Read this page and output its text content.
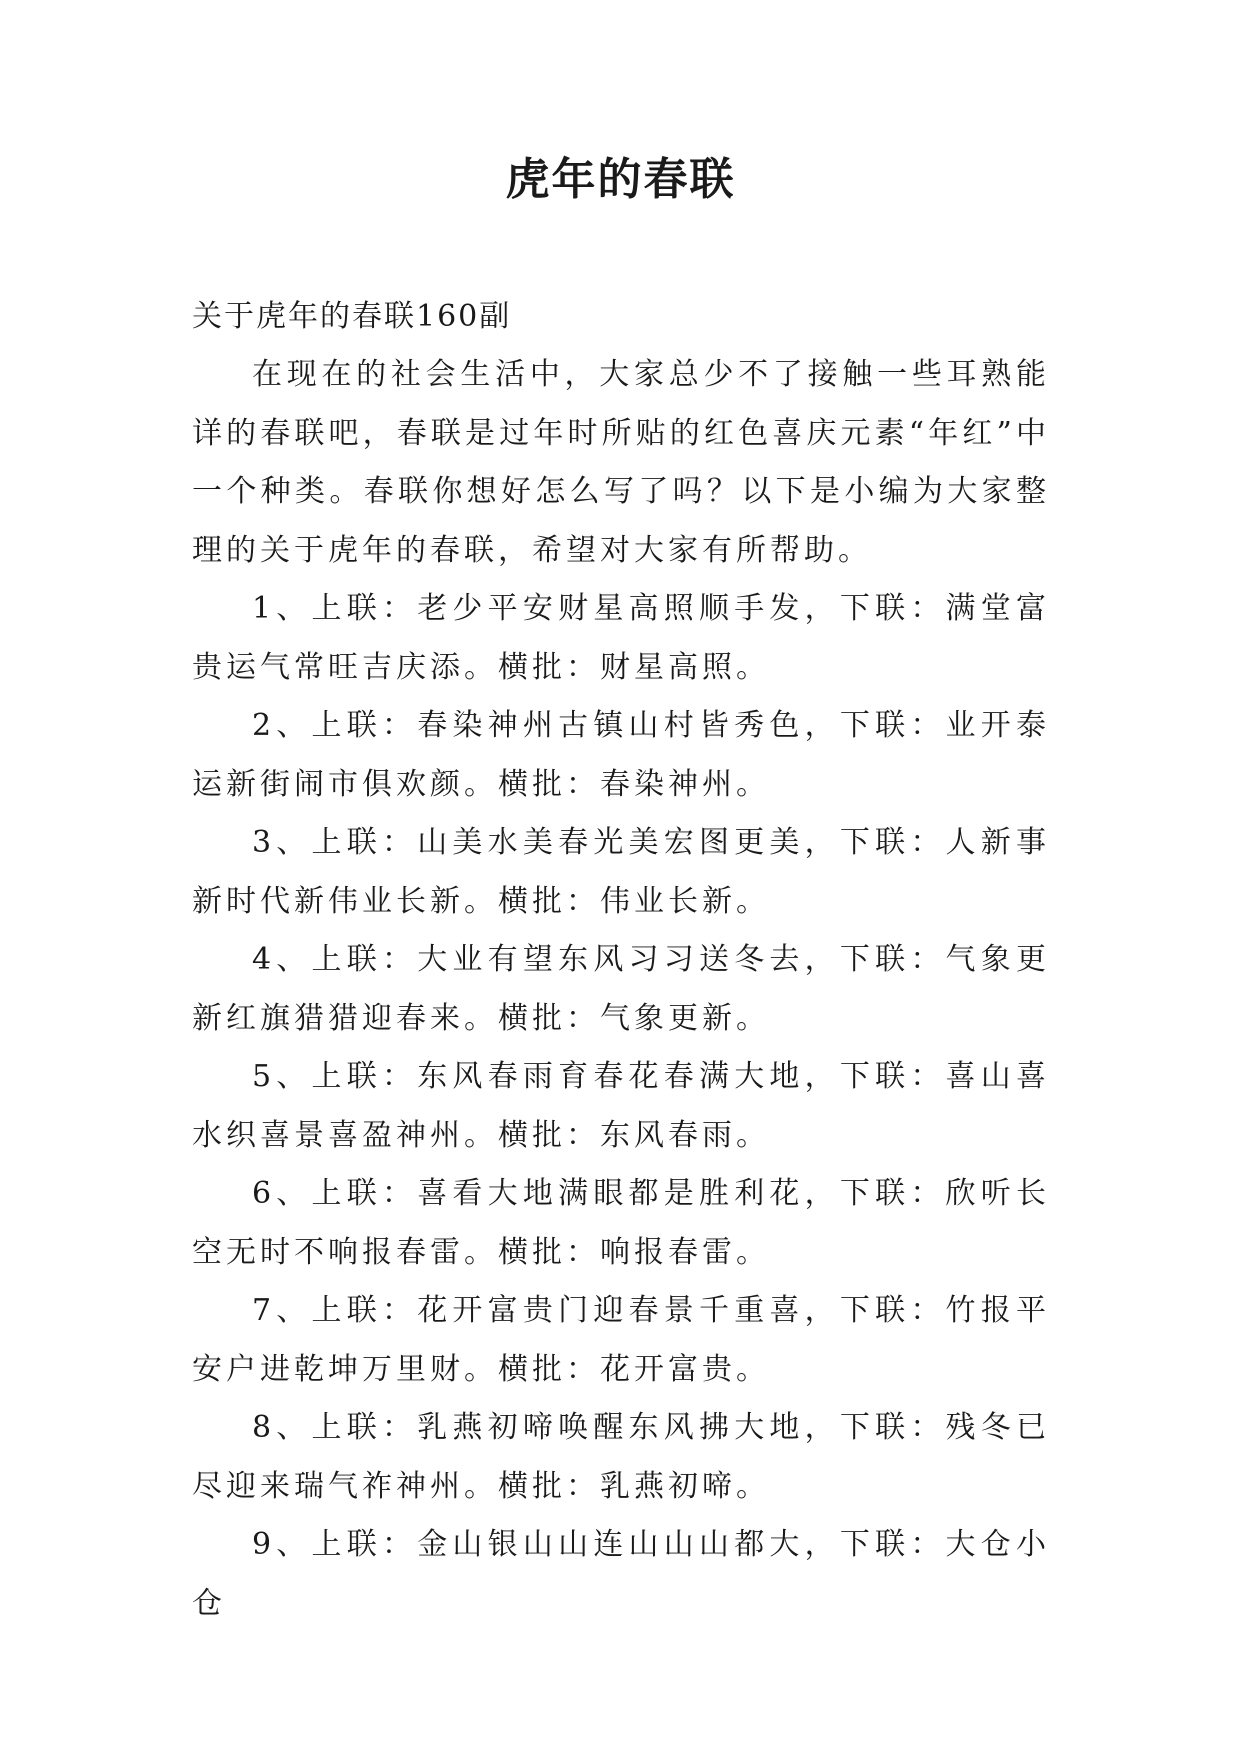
虎年的春联

关于虎年的春联160副

在现在的社会生活中，大家总少不了接触一些耳熟能详的春联吧，春联是过年时所贴的红色喜庆元素“年红”中一个种类。春联你想好怎么写了吗？以下是小编为大家整理的关于虎年的春联，希望对大家有所帮助。

1、上联：老少平安财星高照顺手发，下联：满堂富贵运气常旺吉庆添。横批：财星高照。

2、上联：春染神州古镇山村皆秀色，下联：业开泰运新街闹市俱欢颜。横批：春染神州。

3、上联：山美水美春光美宏图更美，下联：人新事新时代新伟业长新。横批：伟业长新。

4、上联：大业有望东风习习送冬去，下联：气象更新红旗猎猎迎春来。横批：气象更新。

5、上联：东风春雨育春花春满大地，下联：喜山喜水织喜景喜盈神州。横批：东风春雨。

6、上联：喜看大地满眼都是胜利花，下联：欣听长空无时不响报春雷。横批：响报春雷。

7、上联：花开富贵门迎春景千重喜，下联：竹报平安户进乾坤万里财。横批：花开富贵。

8、上联：乳燕初啼唤醒东风拂大地，下联：残冬已尽迎来瑞气祚神州。横批：乳燕初啼。

9、上联：金山银山山连山山山都大，下联：大仓小仓
